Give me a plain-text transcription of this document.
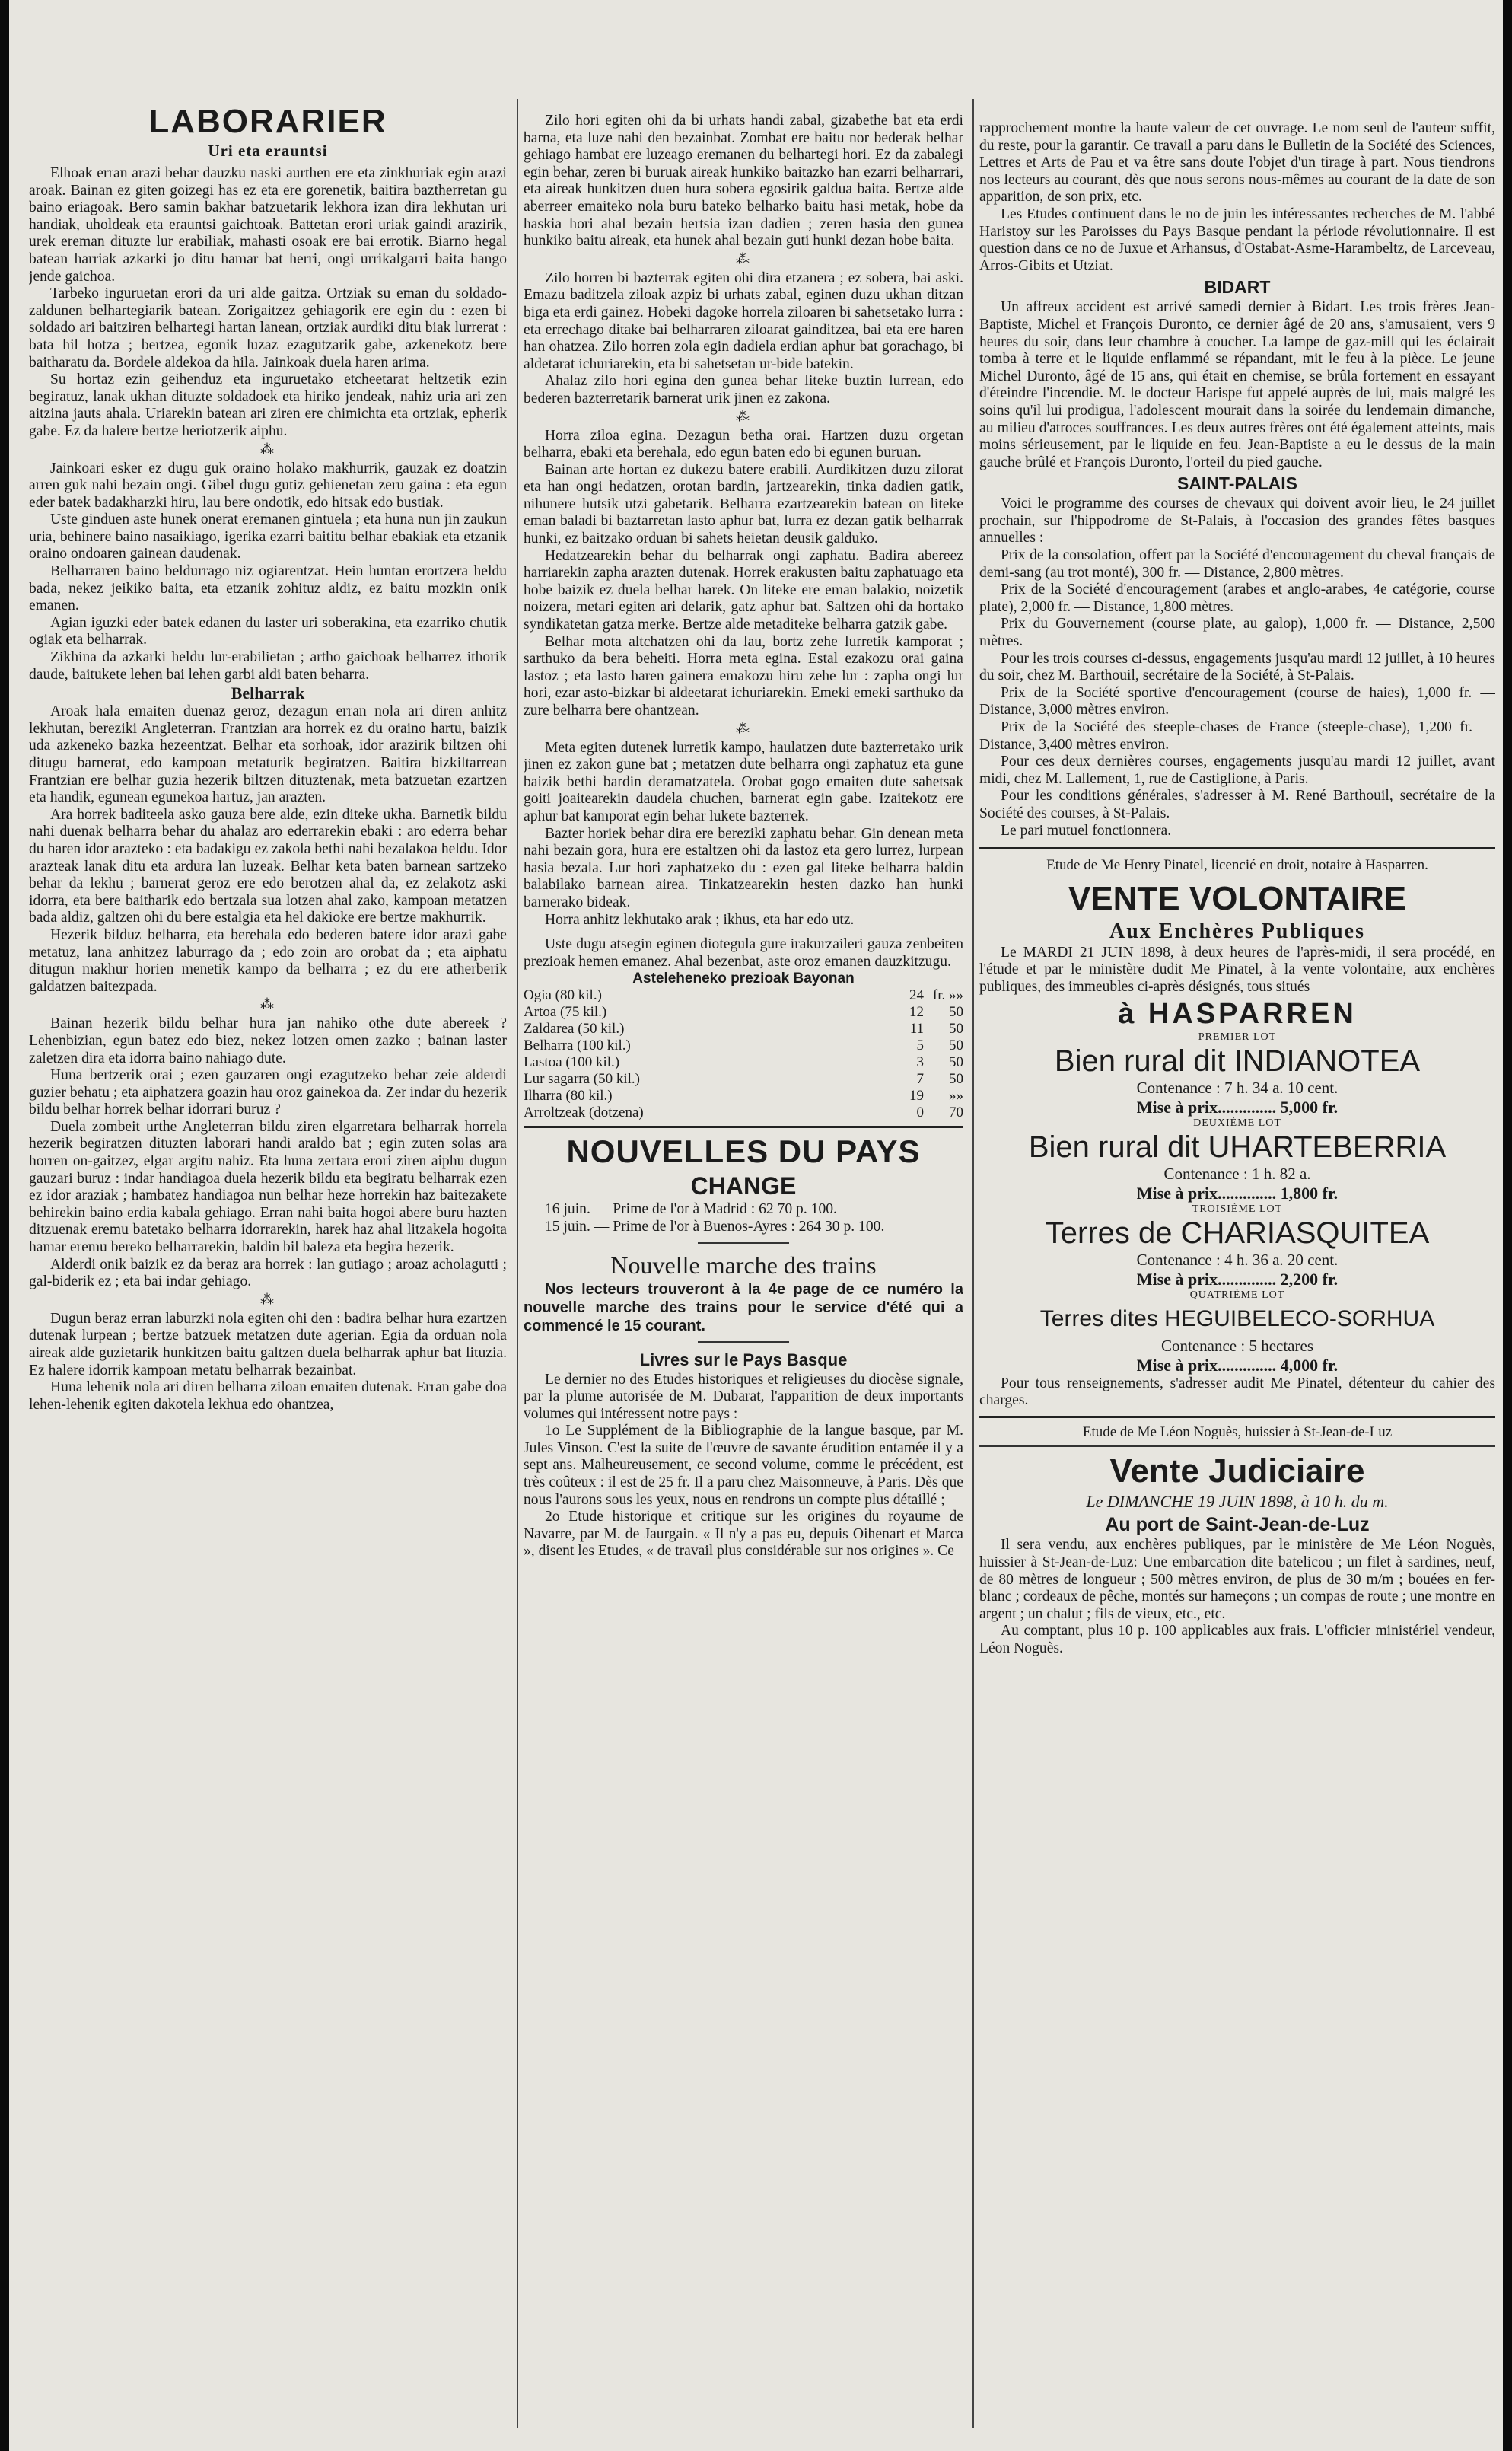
LABORARIER

Uri eta erauntsi

Elhoak erran arazi behar dauzku naski aurthen ere eta zinkhuriak egin arazi aroak. Bainan ez giten goizegi has ez eta ere gorenetik, baitira baztherretan gu baino eriagoak. Bero samin bakhar batzuetarik lekhora izan dira lekhutan uri handiak, uholdeak eta erauntsi gaichtoak. Battetan erori uriak gaindi arazirik, urek ereman dituzte lur erabiliak, mahasti osoak ere bai errotik. Biarno hegal batean harriak azkarki jo ditu hamar bat herri, ongi urrikalgarri baita hango jende gaichoa.

Tarbeko inguruetan erori da uri alde gaitza. Ortziak su eman du soldado-zaldunen belhartegiarik batean. Zorigaitzez gehiagorik ere egin du : ezen bi soldado ari baitziren belhartegi hartan lanean, ortziak aurdiki ditu biak lurrerat : bata hil hotza ; bertzea, egonik luzaz ezagutzarik gabe, azkenekotz bere baitharatu da. Bordele aldekoa da hila. Jainkoak duela haren arima.

Su hortaz ezin geihenduz eta inguruetako etcheetarat heltzetik ezin begiratuz, lanak ukhan dituzte soldadoek eta hiriko jendeak, nahiz uria ari zen aitzina jauts ahala. Uriarekin batean ari ziren ere chimichta eta ortziak, epherik gabe. Ez da halere bertze heriotzerik aiphu.

⁂

Jainkoari esker ez dugu guk oraino holako makhurrik, gauzak ez doatzin arren guk nahi bezain ongi. Gibel dugu gutiz gehienetan zeru gaina : eta egun eder batek badakharzki hiru, lau bere ondotik, edo hitsak edo bustiak.

Uste ginduen aste hunek onerat eremanen gintuela ; eta huna nun jin zaukun uria, behinere baino nasaikiago, igerika ezarri baititu belhar ebakiak eta etzanik oraino ondoaren gainean daudenak.

Belharraren baino beldurrago niz ogiarentzat. Hein huntan erortzera heldu bada, nekez jeikiko baita, eta etzanik zohituz aldiz, ez baitu mozkin onik emanen.

Agian iguzki eder batek edanen du laster uri soberakina, eta ezarriko chutik ogiak eta belharrak.

Zikhina da azkarki heldu lur-erabilietan ; artho gaichoak belharrez ithorik daude, baitukete lehen bai lehen garbi aldi baten beharra.

Belharrak

Aroak hala emaiten duenaz geroz, dezagun erran nola ari diren anhitz lekhutan, bereziki Angleterran. Frantzian ara horrek ez du oraino hartu, baizik uda azkeneko bazka hezeentzat. Belhar eta sorhoak, idor arazirik biltzen ohi ditugu barnerat, edo kampoan metaturik begiratzen. Baitira bizkiltarrean Frantzian ere belhar guzia hezerik biltzen dituztenak, meta batzuetan ezartzen eta handik, egunean egunekoa hartuz, jan arazten.

Ara horrek baditeela asko gauza bere alde, ezin diteke ukha. Barnetik bildu nahi duenak belharra behar du ahalaz aro ederrarekin ebaki : aro ederra behar du haren idor arazteko : eta badakigu ez zakola bethi nahi bezalakoa heldu. Idor arazteak lanak ditu eta ardura lan luzeak. Belhar keta baten barnean sartzeko behar da lekhu ; barnerat geroz ere edo berotzen ahal da, ez zelakotz aski idorra, eta bere baitharik edo bertzala sua lotzen ahal zako, kampoan metatzen bada aldiz, galtzen ohi du bere estalgia eta hel dakioke ere bertze makhurrik.

Hezerik bilduz belharra, eta berehala edo bederen batere idor arazi gabe metatuz, lana anhitzez laburrago da ; edo zoin aro orobat da ; eta aiphatu ditugun makhur horien menetik kampo da belharra ; ez du ere atherberik galdatzen baitezpada.

⁂

Bainan hezerik bildu belhar hura jan nahiko othe dute abereek ? Lehenbizian, egun batez edo biez, nekez lotzen omen zazko ; bainan laster zaletzen dira eta idorra baino nahiago dute.

Huna bertzerik orai ; ezen gauzaren ongi ezagutzeko behar zeie alderdi guzier behatu ; eta aiphatzera goazin hau oroz gainekoa da. Zer indar du hezerik bildu belhar horrek belhar idorrari buruz ?

Duela zombeit urthe Angleterran bildu ziren elgarretara belharrak horrela hezerik begiratzen dituzten laborari handi araldo bat ; egin zuten solas ara horren on-gaitzez, elgar argitu nahiz. Eta huna zertara erori ziren aiphu dugun gauzari buruz : indar handiagoa duela hezerik bildu eta begiratu belharrak ezen ez idor araziak ; hambatez handiagoa nun belhar heze horrekin haz baitezakete behirekin baino erdia kabala gehiago. Erran nahi baita hogoi abere buru hazten ditzuenak eremu batetako belharra idorrarekin, harek haz ahal litzakela hogoita hamar eremu bereko belharrarekin, baldin bil baleza eta begira hezerik.

Alderdi onik baizik ez da beraz ara horrek : lan gutiago ; aroaz acholagutti ; gal-biderik ez ; eta bai indar gehiago.

⁂

Dugun beraz erran laburzki nola egiten ohi den : badira belhar hura ezartzen dutenak lurpean ; bertze batzuek metatzen dute agerian. Egia da orduan nola aireak alde guzietarik hunkitzen baitu galtzen duela belharrak aphur bat lituzia. Ez halere idorrik kampoan metatu belharrak bezainbat.

Huna lehenik nola ari diren belharra ziloan emaiten dutenak. Erran gabe doa lehen-lehenik egiten dakotela lekhua edo ohantzea,

Zilo hori egiten ohi da bi urhats handi zabal, gizabethe bat eta erdi barna, eta luze nahi den bezainbat. Zombat ere baitu nor bederak belhar gehiago hambat ere luzeago eremanen du belhartegi hori. Ez da zabalegi egin behar, zeren bi buruak aireak hunkiko baitazko han ezarri belharrari, eta aireak hunkitzen duen hura sobera egosirik galdua baita. Bertze alde aberreer emaiteko nola buru bateko belharko baitu hasi metak, hobe da haskia hori ahal bezain hertsia izan dadien ; zeren hasia den gunea hunkiko baitu aireak, eta hunek ahal bezain guti hunki dezan hobe baita.

⁂

Zilo horren bi bazterrak egiten ohi dira etzanera ; ez sobera, bai aski. Emazu baditzela ziloak azpiz bi urhats zabal, eginen duzu ukhan ditzan biga eta erdi gainez. Hobeki dagoke horrela ziloaren bi sahetsetako lurra : eta errechago ditake bai belharraren ziloarat gainditzea, bai eta ere haren han ohatzea. Zilo horren zola egin dadiela erdian aphur bat gorachago, bi aldetarat ichuriarekin, eta bi sahetsetan ur-bide batekin.

Ahalaz zilo hori egina den gunea behar liteke buztin lurrean, edo bederen bazterretarik barnerat urik jinen ez zakona.

⁂

Horra ziloa egina. Dezagun betha orai. Hartzen duzu orgetan belharra, ebaki eta berehala, edo egun baten edo bi egunen buruan.

Bainan arte hortan ez dukezu batere erabili. Aurdikitzen duzu zilorat eta han ongi hedatzen, orotan bardin, jartzearekin, tinka dadien gatik, nihunere hutsik utzi gabetarik. Belharra ezartzearekin batean on liteke eman baladi bi baztarretan lasto aphur bat, lurra ez dezan gatik belharrak hunki, ez baitzako orduan bi sahets heietan deusik galduko.

Hedatzearekin behar du belharrak ongi zaphatu. Badira abereez harriarekin zapha arazten dutenak. Horrek erakusten baitu zaphatuago eta hobe baizik ez duela belhar harek. On liteke ere eman balakio, noizetik noizera, metari egiten ari delarik, gatz aphur bat. Saltzen ohi da hortako syndikatetan gatza merke. Bertze alde metaditeke belharra gatzik gabe.

Belhar mota altchatzen ohi da lau, bortz zehe lurretik kamporat ; sarthuko da bera beheiti. Horra meta egina. Estal ezakozu orai gaina lastoz ; eta lasto haren gainera emakozu hiru zehe lur : zapha ongi lur hori, ezar asto-bizkar bi aldeetarat ichuriarekin. Emeki emeki sarthuko da zure belharra bere ohantzean.

⁂

Meta egiten dutenek lurretik kampo, haulatzen dute bazterretako urik jinen ez zakon gune bat ; metatzen dute belharra ongi zaphatuz eta gune baizik bethi bardin deramatzatela. Orobat gogo emaiten dute sahetsak goiti joaitearekin daudela chuchen, barnerat egin gabe. Izaitekotz ere aphur bat kamporat egin behar lukete bazterrek.

Bazter horiek behar dira ere bereziki zaphatu behar. Gin denean meta nahi bezain gora, hura ere estaltzen ohi da lastoz eta gero lurrez, lurpean hasia bezala. Lur hori zaphatzeko du : ezen gal liteke belharra baldin balabilako barnean airea. Tinkatzearekin hesten dazko han hunki barnerako bideak.

Horra anhitz lekhutako arak ; ikhus, eta har edo utz.

Uste dugu atsegin eginen diotegula gure irakurzaileri gauza zenbeiten prezioak hemen emanez. Ahal bezenbat, aste oroz emanen dauzkitzugu.

Asteleheneko prezioak Bayonan

Ogia (80 kil.)	24	fr. »»
Artoa (75 kil.)	12	50
Zaldarea (50 kil.)	11	50
Belharra (100 kil.)	5	50
Lastoa (100 kil.)	3	50
Lur sagarra (50 kil.)	7	50
Ilharra (80 kil.)	19	»»
Arroltzeak (dotzena)	0	70

NOUVELLES DU PAYS

CHANGE

16 juin. — Prime de l'or à Madrid : 62 70 p. 100.

15 juin. — Prime de l'or à Buenos-Ayres : 264 30 p. 100.

Nouvelle marche des trains

Nos lecteurs trouveront à la 4e page de ce numéro la nouvelle marche des trains pour le service d'été qui a commencé le 15 courant.

Livres sur le Pays Basque

Le dernier no des Etudes historiques et religieuses du diocèse signale, par la plume autorisée de M. Dubarat, l'apparition de deux importants volumes qui intéressent notre pays :

1o Le Supplément de la Bibliographie de la langue basque, par M. Jules Vinson. C'est la suite de l'œuvre de savante érudition entamée il y a sept ans. Malheureusement, ce second volume, comme le précédent, est très coûteux : il est de 25 fr. Il a paru chez Maisonneuve, à Paris. Dès que nous l'aurons sous les yeux, nous en rendrons un compte plus détaillé ;

2o Etude historique et critique sur les origines du royaume de Navarre, par M. de Jaurgain. « Il n'y a pas eu, depuis Oihenart et Marca », disent les Etudes, « de travail plus considérable sur nos origines ». Ce

rapprochement montre la haute valeur de cet ouvrage. Le nom seul de l'auteur suffit, du reste, pour la garantir. Ce travail a paru dans le Bulletin de la Société des Sciences, Lettres et Arts de Pau et va être sans doute l'objet d'un tirage à part. Nous tiendrons nos lecteurs au courant, dès que nous serons nous-mêmes au courant de la date de son apparition, de son prix, etc.

Les Etudes continuent dans le no de juin les intéressantes recherches de M. l'abbé Haristoy sur les Paroisses du Pays Basque pendant la période révolutionnaire. Il est question dans ce no de Juxue et Arhansus, d'Ostabat-Asme-Harambeltz, de Larceveau, Arros-Gibits et Utziat.

BIDART

Un affreux accident est arrivé samedi dernier à Bidart. Les trois frères Jean-Baptiste, Michel et François Duronto, ce dernier âgé de 20 ans, s'amusaient, vers 9 heures du soir, dans leur chambre à coucher. La lampe de gaz-mill qui les éclairait tomba à terre et le liquide enflammé se répandant, mit le feu à la pièce. Le jeune Michel Duronto, âgé de 15 ans, qui était en chemise, se brûla fortement en essayant d'éteindre l'incendie. M. le docteur Harispe fut appelé auprès de lui, mais malgré les soins qu'il lui prodigua, l'adolescent mourait dans la soirée du lendemain dimanche, au milieu d'atroces souffrances. Les deux autres frères ont été également atteints, mais moins sérieusement, par le liquide en feu. Jean-Baptiste a eu le dessus de la main gauche brûlé et François Duronto, l'orteil du pied gauche.

SAINT-PALAIS

Voici le programme des courses de chevaux qui doivent avoir lieu, le 24 juillet prochain, sur l'hippodrome de St-Palais, à l'occasion des grandes fêtes basques annuelles :

Prix de la consolation, offert par la Société d'encouragement du cheval français de demi-sang (au trot monté), 300 fr. — Distance, 2,800 mètres.

Prix de la Société d'encouragement (arabes et anglo-arabes, 4e catégorie, course plate), 2,000 fr. — Distance, 1,800 mètres.

Prix du Gouvernement (course plate, au galop), 1,000 fr. — Distance, 2,500 mètres.

Pour les trois courses ci-dessus, engagements jusqu'au mardi 12 juillet, à 10 heures du soir, chez M. Barthouil, secrétaire de la Société, à St-Palais.

Prix de la Société sportive d'encouragement (course de haies), 1,000 fr. — Distance, 3,000 mètres environ.

Prix de la Société des steeple-chases de France (steeple-chase), 1,200 fr. — Distance, 3,400 mètres environ.

Pour ces deux dernières courses, engagements jusqu'au mardi 12 juillet, avant midi, chez M. Lallement, 1, rue de Castiglione, à Paris.

Pour les conditions générales, s'adresser à M. René Barthouil, secrétaire de la Société des courses, à St-Palais.

Le pari mutuel fonctionnera.

Etude de Me Henry Pinatel, licencié en droit, notaire à Hasparren.

VENTE VOLONTAIRE

Aux Enchères Publiques

Le MARDI 21 JUIN 1898, à deux heures de l'après-midi, il sera procédé, en l'étude et par le ministère dudit Me Pinatel, à la vente volontaire, aux enchères publiques, des immeubles ci-après désignés, tous situés

à HASPARREN

PREMIER LOT

Bien rural dit INDIANOTEA

Contenance : 7 h. 34 a. 10 cent.

Mise à prix.............. 5,000 fr.

DEUXIÈME LOT

Bien rural dit UHARTEBERRIA

Contenance : 1 h. 82 a.

Mise à prix.............. 1,800 fr.

TROISIÈME LOT

Terres de CHARIASQUITEA

Contenance : 4 h. 36 a. 20 cent.

Mise à prix.............. 2,200 fr.

QUATRIÈME LOT

Terres dites HEGUIBELECO-SORHUA

Contenance : 5 hectares

Mise à prix.............. 4,000 fr.

Pour tous renseignements, s'adresser audit Me Pinatel, détenteur du cahier des charges.

Etude de Me Léon Noguès, huissier à St-Jean-de-Luz

Vente Judiciaire

Le DIMANCHE 19 JUIN 1898, à 10 h. du m.

Au port de Saint-Jean-de-Luz

Il sera vendu, aux enchères publiques, par le ministère de Me Léon Noguès, huissier à St-Jean-de-Luz: Une embarcation dite batelicou ; un filet à sardines, neuf, de 80 mètres de longueur ; 500 mètres environ, de plus de 30 m/m ; bouées en fer-blanc ; cordeaux de pêche, montés sur hameçons ; un compas de route ; une montre en argent ; un chalut ; fils de vieux, etc., etc.

Au comptant, plus 10 p. 100 applicables aux frais. L'officier ministériel vendeur, Léon Noguès.
